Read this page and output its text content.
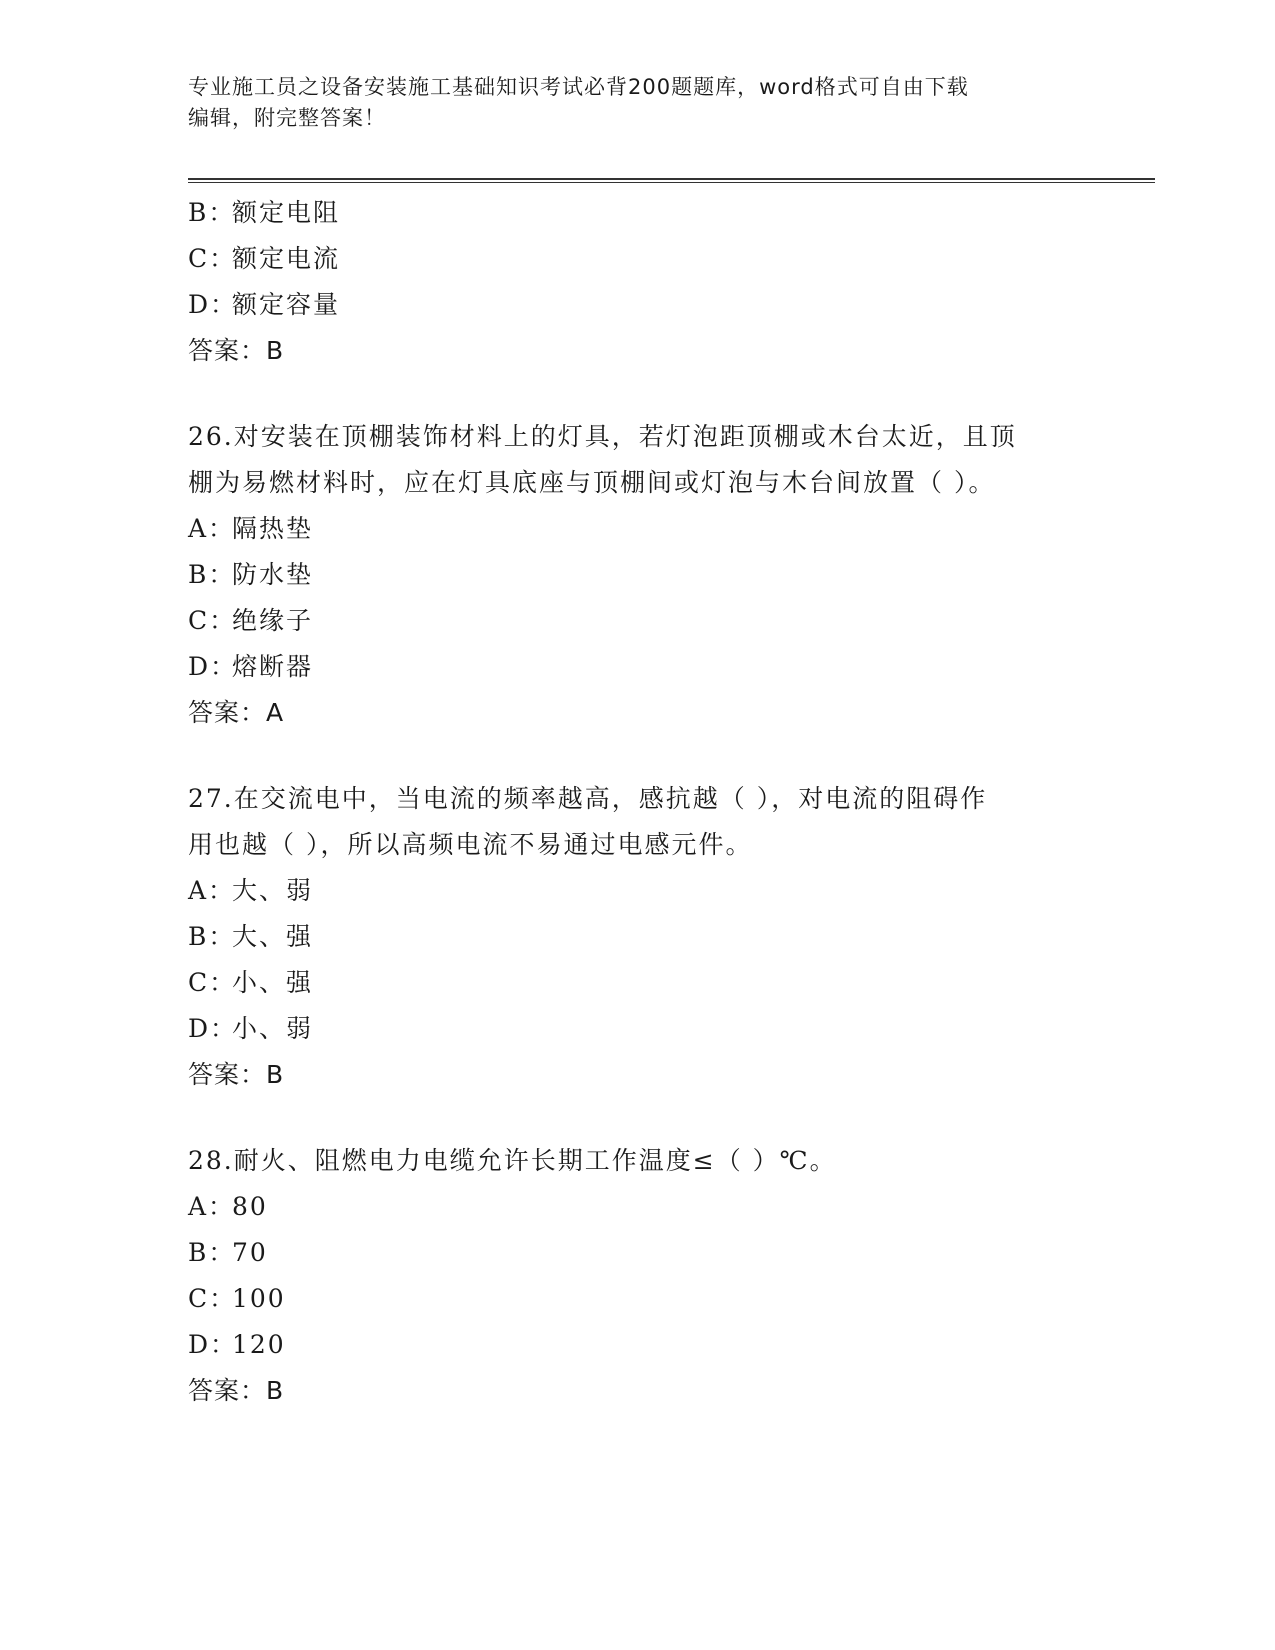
专业施工员之设备安装施工基础知识考试必背200题题库，word格式可自由下载
编辑，附完整答案！
B：额定电阻
C：额定电流
D：额定容量
答案：B
26.对安装在顶棚装饰材料上的灯具，若灯泡距顶棚或木台太近，且顶
棚为易燃材料时，应在灯具底座与顶棚间或灯泡与木台间放置（ ）。
A：隔热垫
B：防水垫
C：绝缘子
D：熔断器
答案：A
27.在交流电中，当电流的频率越高，感抗越（ ），对电流的阻碍作
用也越（ ），所以高频电流不易通过电感元件。
A：大、弱
B：大、强
C：小、强
D：小、弱
答案：B
28.耐火、阻燃电力电缆允许长期工作温度≤（ ）℃。
A：80
B：70
C：100
D：120
答案：B
